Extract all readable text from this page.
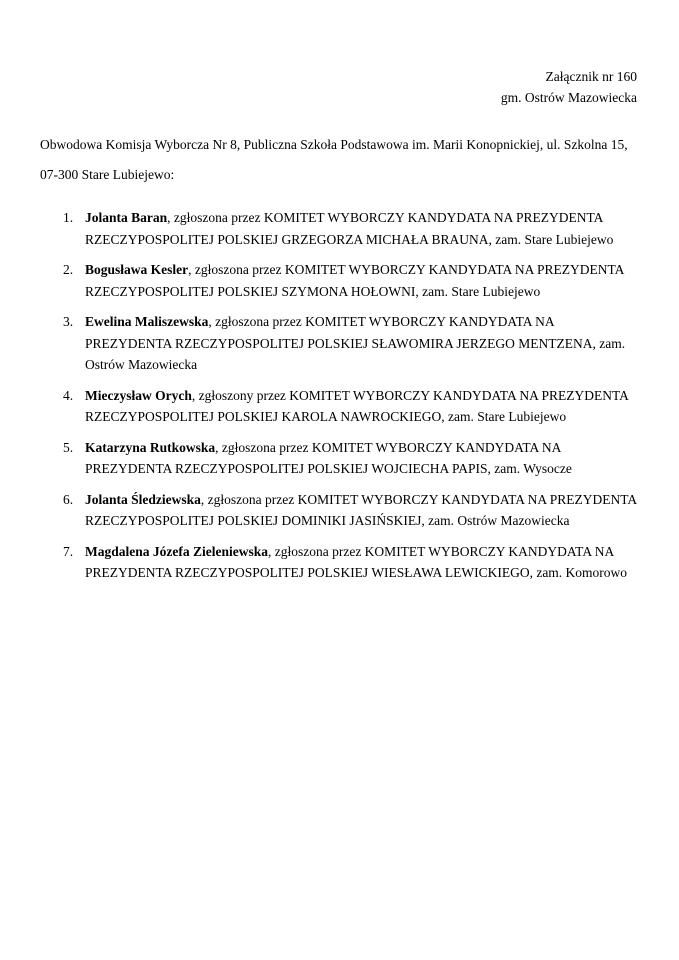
Załącznik nr 160
gm. Ostrów Mazowiecka

Obwodowa Komisja Wyborcza Nr 8, Publiczna Szkoła Podstawowa im. Marii Konopnickiej, ul. Szkolna 15, 07-300 Stare Lubiejewo:

1. Jolanta Baran, zgłoszona przez KOMITET WYBORCZY KANDYDATA NA PREZYDENTA RZECZYPOSPOLITEJ POLSKIEJ GRZEGORZA MICHAŁA BRAUNA, zam. Stare Lubiejewo
2. Bogusława Kesler, zgłoszona przez KOMITET WYBORCZY KANDYDATA NA PREZYDENTA RZECZYPOSPOLITEJ POLSKIEJ SZYMONA HOŁOWNI, zam. Stare Lubiejewo
3. Ewelina Maliszewska, zgłoszona przez KOMITET WYBORCZY KANDYDATA NA PREZYDENTA RZECZYPOSPOLITEJ POLSKIEJ SŁAWOMIRA JERZEGO MENTZENA, zam. Ostrów Mazowiecka
4. Mieczysław Orych, zgłoszony przez KOMITET WYBORCZY KANDYDATA NA PREZYDENTA RZECZYPOSPOLITEJ POLSKIEJ KAROLA NAWROCKIEGO, zam. Stare Lubiejewo
5. Katarzyna Rutkowska, zgłoszona przez KOMITET WYBORCZY KANDYDATA NA PREZYDENTA RZECZYPOSPOLITEJ POLSKIEJ WOJCIECHA PAPIS, zam. Wysocze
6. Jolanta Śledziewska, zgłoszona przez KOMITET WYBORCZY KANDYDATA NA PREZYDENTA RZECZYPOSPOLITEJ POLSKIEJ DOMINIKI JASIŃSKIEJ, zam. Ostrów Mazowiecka
7. Magdalena Józefa Zieleniewska, zgłoszona przez KOMITET WYBORCZY KANDYDATA NA PREZYDENTA RZECZYPOSPOLITEJ POLSKIEJ WIESŁAWA LEWICKIEGO, zam. Komorowo
